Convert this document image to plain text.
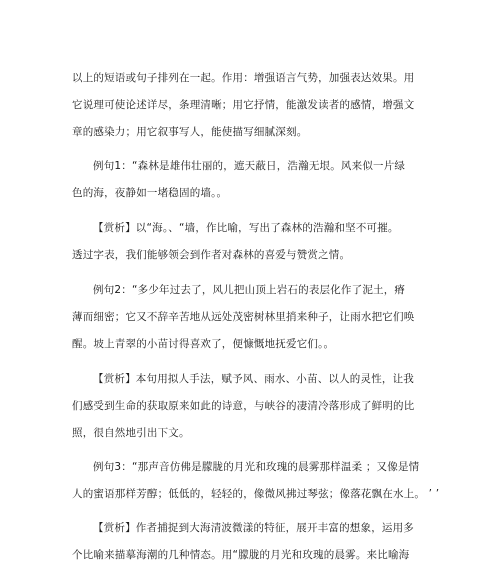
以上的短语或句子排列在一起。作用：增强语言气势，加强表达效果。用
它说理可使论述详尽，条理清晰；用它抒情，能激发读者的感情，增强文
章的感染力；用它叙事写人，能使描写细腻深刻。
例句1：“森林是雄伟壮丽的，遮天蔽日，浩瀚无垠。风来似一片绿
色的海，夜静如一堵稳固的墙。。
【赏析】以“海。、“墙，作比喻，写出了森林的浩瀚和坚不可摧。
透过字表，我们能够领会到作者对森林的喜爱与赞赏之情。
例句2：“多少年过去了，风儿把山顶上岩石的表层化作了泥土，瘠
薄而细密；它又不辞辛苦地从远处茂密树林里捎来种子，让雨水把它们唤
醒。坡上青翠的小苗讨得喜欢了，便慷慨地抚爱它们。。
【赏析】本句用拟人手法，赋予风、雨水、小苗、以人的灵性，让我
们感受到生命的获取原来如此的诗意，与峡谷的凄清冷落形成了鲜明的比
照，很自然地引出下文。
例句3：“那声音仿佛是朦胧的月光和玫瑰的晨雾那样温柔 ；又像是情
人的蜜语那样芳醇；低低的，轻轻的，像微风拂过琴弦；像落花飘在水上。 ’ ’
【赏析】作者捕捉到大海清波微漾的特征，展开丰富的想象，运用多
个比喻来描摹海潮的几种情态。用“朦胧的月光和玫瑰的晨雾。来比喻海
